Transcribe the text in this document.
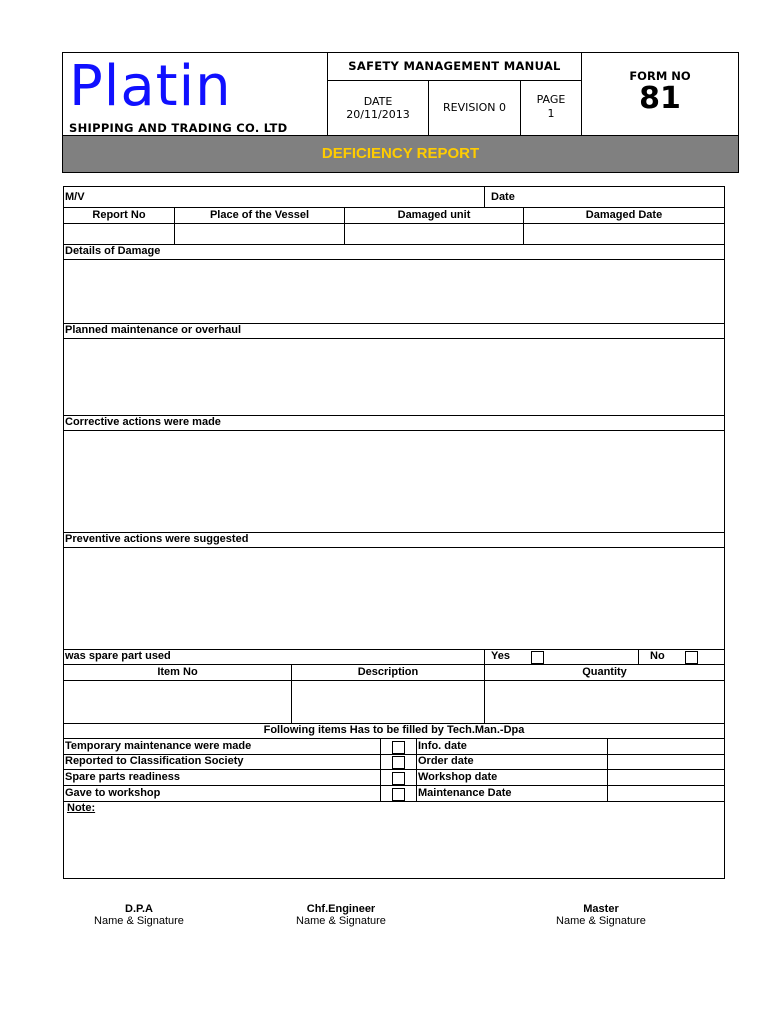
Platin
SHIPPING AND TRADING CO. LTD
SAFETY MANAGEMENT MANUAL
DATE
20/11/2013
REVISION 0
PAGE
1
FORM NO
81
DEFICIENCY REPORT
M/V	Date
Report No	Place of the Vessel	Damaged unit	Damaged Date
Details of Damage
Planned maintenance or overhaul
Corrective actions were made
Preventive actions were suggested
was spare part used	Yes	No
Item No	Description	Quantity
Following items Has to be filled by Tech.Man.-Dpa
Temporary maintenance were made	Info. date
Reported to Classification Society	Order date
Spare parts readiness	Workshop date
Gave to workshop	Maintenance Date
Note:
D.P.A
Name & Signature
Chf.Engineer
Name & Signature
Master
Name & Signature
